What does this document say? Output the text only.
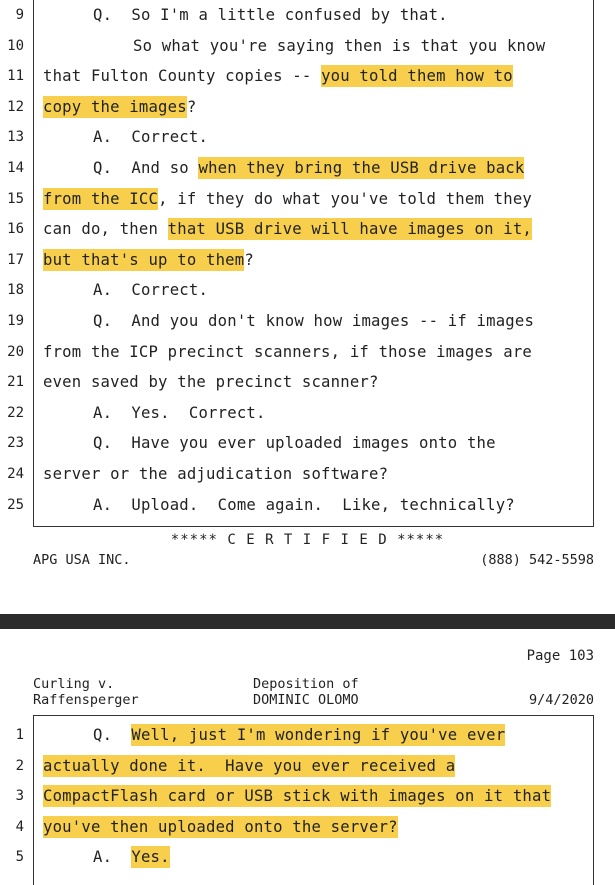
9	Q.  So I'm a little confused by that.
10	So what you're saying then is that you know
11 that Fulton County copies -- you told them how to
12 copy the images?
13	A.  Correct.
14	Q.  And so when they bring the USB drive back
15 from the ICC, if they do what you've told them they
16 can do, then that USB drive will have images on it,
17 but that's up to them?
18	A.  Correct.
19	Q.  And you don't know how images -- if images
20 from the ICP precinct scanners, if those images are
21 even saved by the precinct scanner?
22	A.  Yes.  Correct.
23	Q.  Have you ever uploaded images onto the
24 server or the adjudication software?
25	A.  Upload.  Come again.  Like, technically?
***** C E R T I F I E D *****
APG USA INC.	(888) 542-5598
Page 103
Curling v.
Raffensperger
Deposition of
DOMINIC OLOMO	9/4/2020
1	Q.  Well, just I'm wondering if you've ever
2 actually done it.  Have you ever received a
3 CompactFlash card or USB stick with images on it that
4 you've then uploaded onto the server?
5	A.  Yes.
